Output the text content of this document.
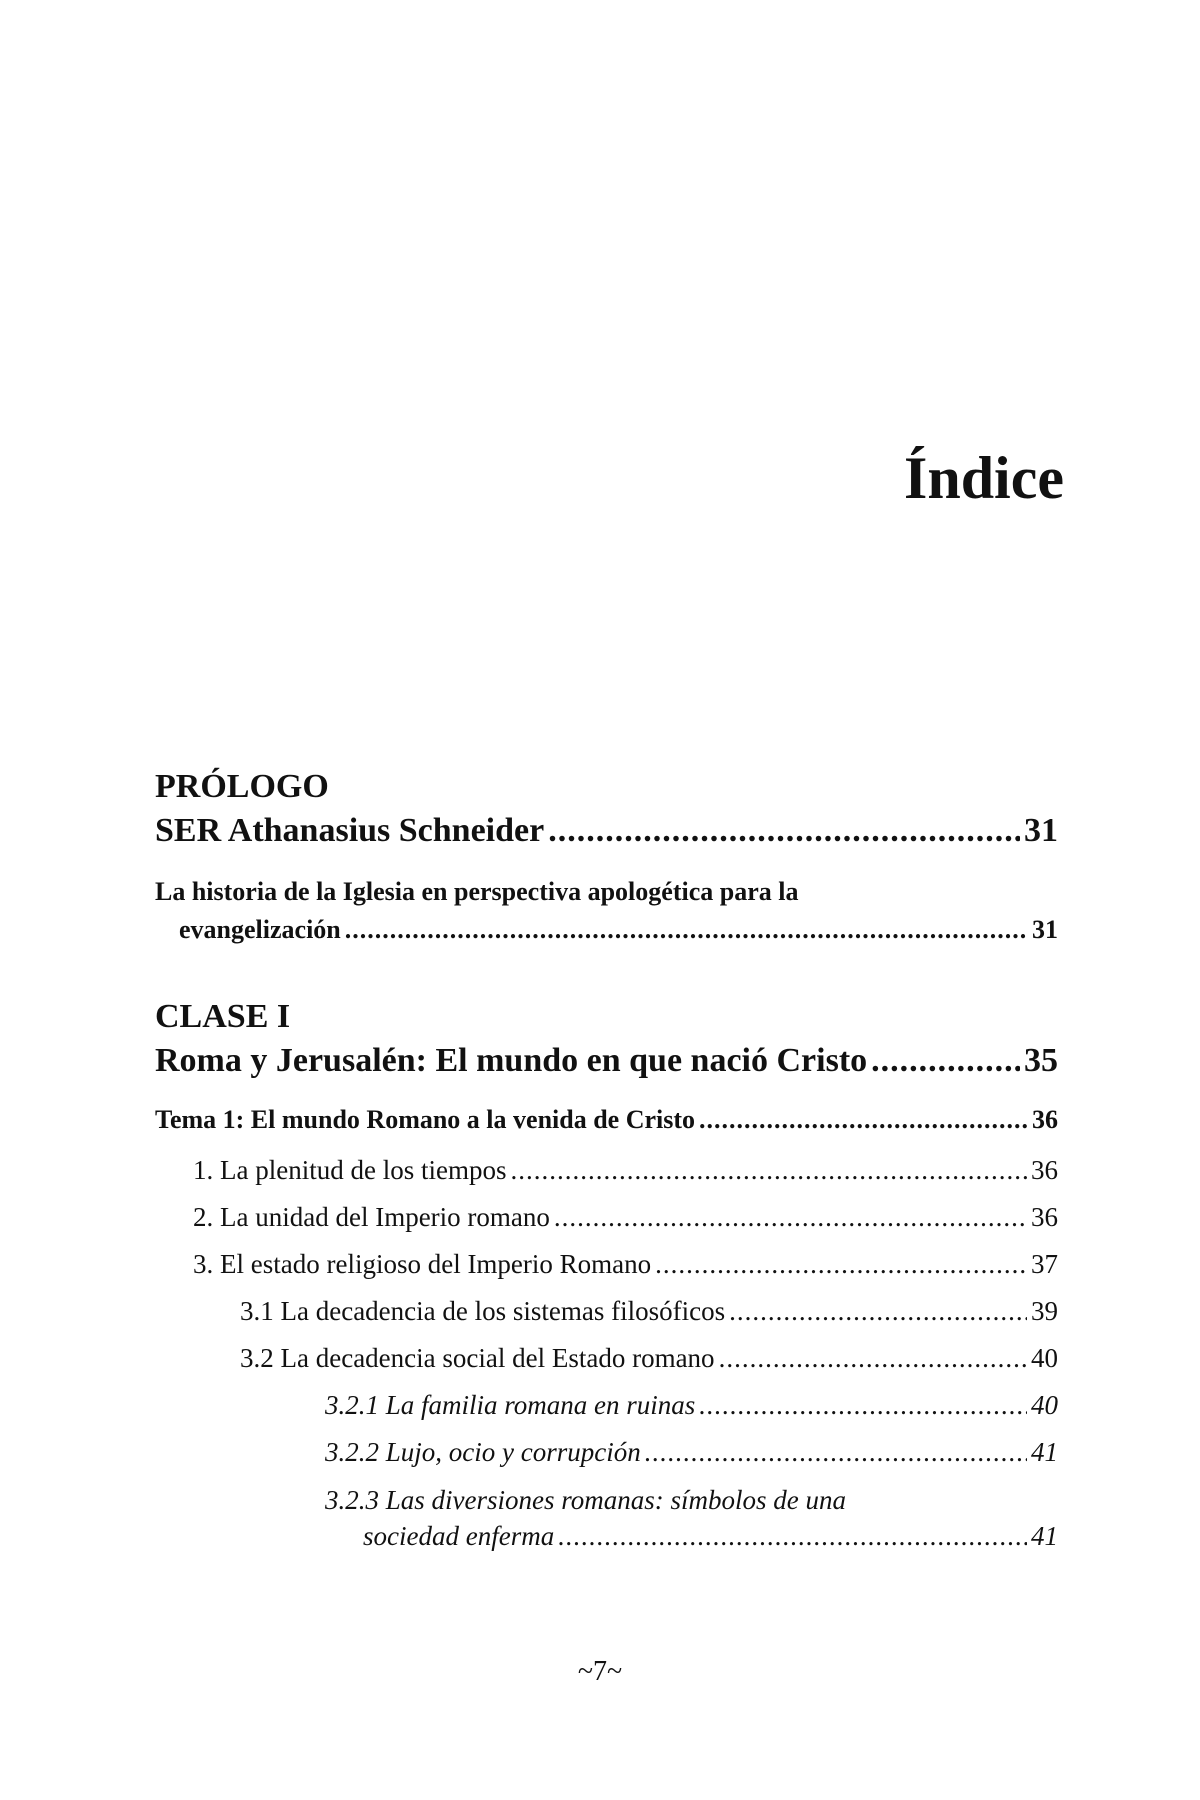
Índice
PRÓLOGO
SER Athanasius Schneider .....	31
La historia de la Iglesia en perspectiva apologética para la
evangelización .....	31
CLASE I
Roma y Jerusalén: El mundo en que nació Cristo .....	35
Tema 1: El mundo Romano a la venida de Cristo .....	36
1. La plenitud de los tiempos .....	36
2. La unidad del Imperio romano .....	36
3. El estado religioso del Imperio Romano .....	37
3.1 La decadencia de los sistemas filosóficos .....	39
3.2 La decadencia social del Estado romano .....	40
3.2.1 La familia romana en ruinas .....	40
3.2.2 Lujo, ocio y corrupción .....	41
3.2.3 Las diversiones romanas: símbolos de una
sociedad enferma .....	41
~7~
